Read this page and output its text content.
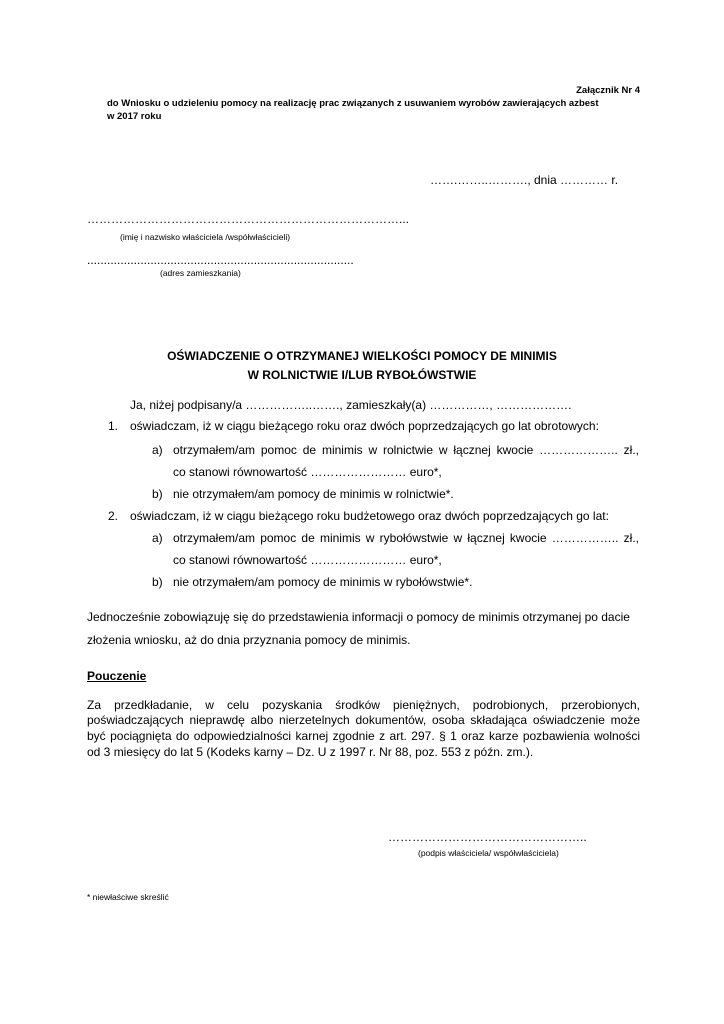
Załącznik Nr 4
do Wniosku o udzieleniu pomocy na realizację prac związanych z usuwaniem wyrobów zawierających azbest
w 2017 roku
…….……..………., dnia ………… r.
……………………………………………………………………...
(imię i nazwisko właściciela /współwłaścicieli)
................................................................................
(adres zamieszkania)
OŚWIADCZENIE O OTRZYMANEJ WIELKOŚCI POMOCY DE MINIMIS
W ROLNICTWIE I/LUB RYBOŁÓWSTWIE
Ja, niżej podpisany/a ……………..……., zamieszkały(a) ……………, ……………….
1. oświadczam, iż w ciągu bieżącego roku oraz dwóch poprzedzających go lat obrotowych:
a) otrzymałem/am pomoc de minimis w rolnictwie w łącznej kwocie ……………….. zł.,
co stanowi równowartość …………………… euro*,
b) nie otrzymałem/am pomocy de minimis w rolnictwie*.
2. oświadczam, iż w ciągu bieżącego roku budżetowego oraz dwóch poprzedzających go lat:
a) otrzymałem/am pomoc de minimis w rybołówstwie w łącznej kwocie …………….. zł.,
co stanowi równowartość …………………… euro*,
b) nie otrzymałem/am pomocy de minimis w rybołówstwie*.
Jednocześnie zobowiązuję się do przedstawienia informacji o pomocy de minimis otrzymanej po dacie
złożenia wniosku, aż do dnia przyznania pomocy de minimis.
Pouczenie
Za przedkładanie, w celu pozyskania środków pieniężnych, podrobionych, przerobionych,
poświadczających nieprawdę albo nierzetelnych dokumentów, osoba składająca oświadczenie może
być pociągnięta do odpowiedzialności karnej zgodnie z art. 297. § 1 oraz karze pozbawienia wolności
od 3 miesięcy do lat 5 (Kodeks karny – Dz. U z 1997 r. Nr 88, poz. 553 z późn. zm.).
…………………………………………..
(podpis właściciela/ współwłaściciela)
* niewłaściwe skreślić
